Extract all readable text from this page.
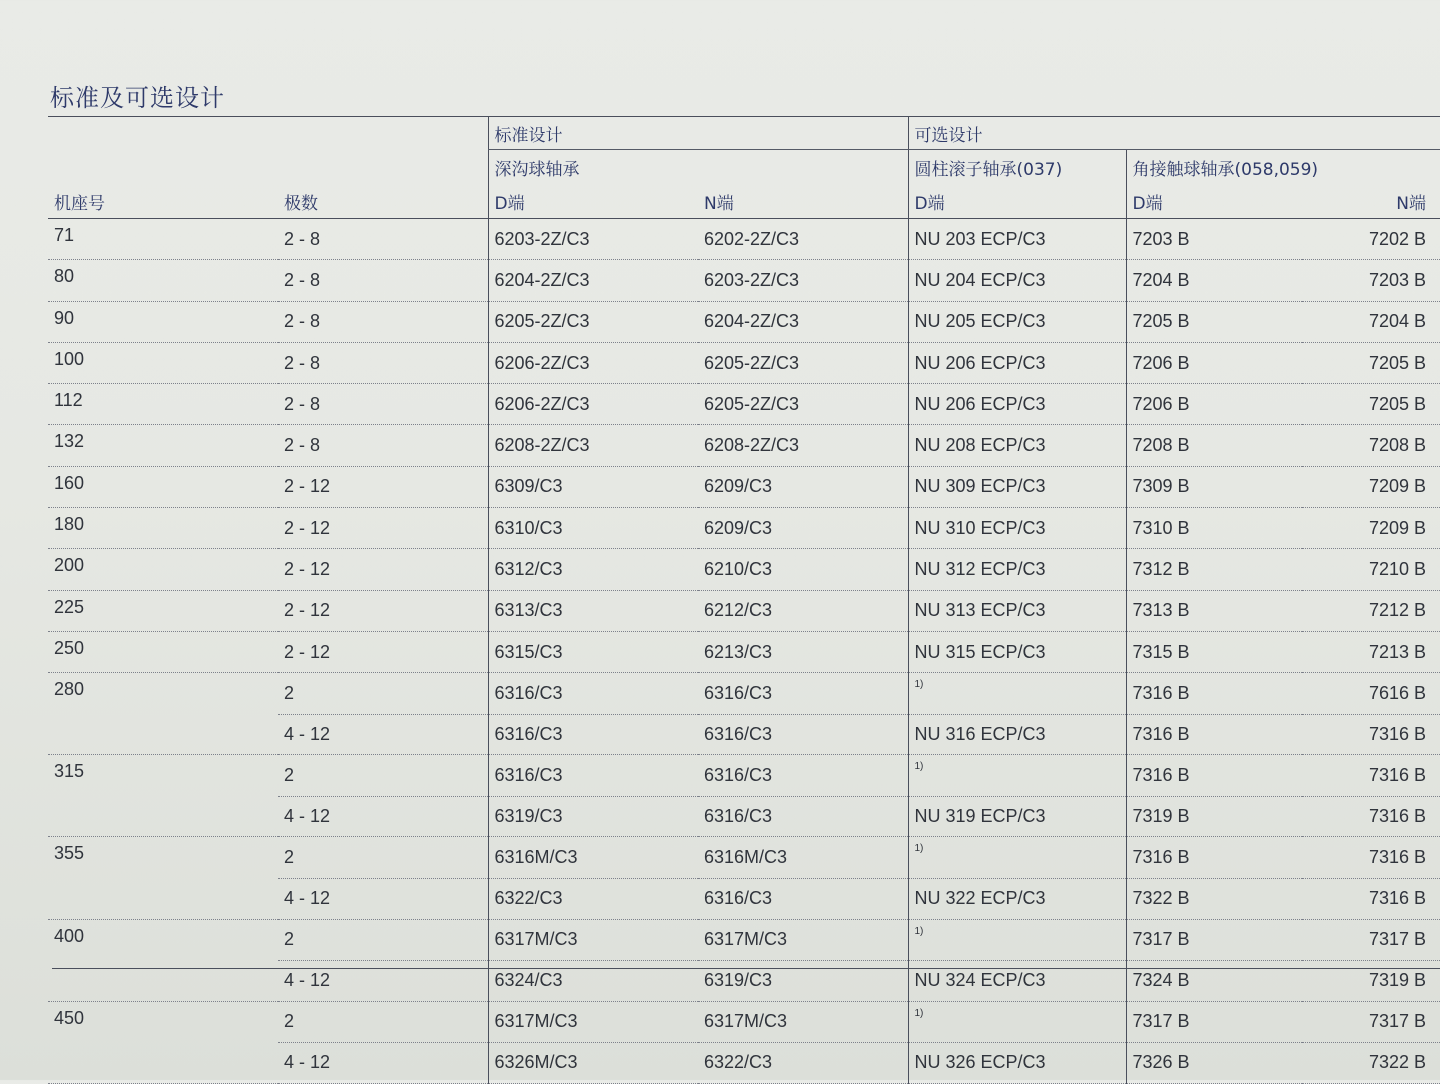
标准及可选设计
		标准设计		可选设计		
		深沟球轴承		圆柱滚子轴承(037)	角接触球轴承(058,059)	
机座号	极数	D端	N端	D端	D端	N端
71	2 - 8	6203-2Z/C3	6202-2Z/C3	NU 203 ECP/C3	7203 B	7202 B
80	2 - 8	6204-2Z/C3	6203-2Z/C3	NU 204 ECP/C3	7204 B	7203 B
90	2 - 8	6205-2Z/C3	6204-2Z/C3	NU 205 ECP/C3	7205 B	7204 B
100	2 - 8	6206-2Z/C3	6205-2Z/C3	NU 206 ECP/C3	7206 B	7205 B
112	2 - 8	6206-2Z/C3	6205-2Z/C3	NU 206 ECP/C3	7206 B	7205 B
132	2 - 8	6208-2Z/C3	6208-2Z/C3	NU 208 ECP/C3	7208 B	7208 B
160	2 - 12	6309/C3	6209/C3	NU 309 ECP/C3	7309 B	7209 B
180	2 - 12	6310/C3	6209/C3	NU 310 ECP/C3	7310 B	7209 B
200	2 - 12	6312/C3	6210/C3	NU 312 ECP/C3	7312 B	7210 B
225	2 - 12	6313/C3	6212/C3	NU 313 ECP/C3	7313 B	7212 B
250	2 - 12	6315/C3	6213/C3	NU 315 ECP/C3	7315 B	7213 B
280	2	6316/C3	6316/C3	1)	7316 B	7616 B
	4 - 12	6316/C3	6316/C3	NU 316 ECP/C3	7316 B	7316 B
315	2	6316/C3	6316/C3	1)	7316 B	7316 B
	4 - 12	6319/C3	6316/C3	NU 319 ECP/C3	7319 B	7316 B
355	2	6316M/C3	6316M/C3	1)	7316 B	7316 B
	4 - 12	6322/C3	6316/C3	NU 322 ECP/C3	7322 B	7316 B
400	2	6317M/C3	6317M/C3	1)	7317 B	7317 B
	4 - 12	6324/C3	6319/C3	NU 324 ECP/C3	7324 B	7319 B
450	2	6317M/C3	6317M/C3	1)	7317 B	7317 B
	4 - 12	6326M/C3	6322/C3	NU 326 ECP/C3	7326 B	7322 B
